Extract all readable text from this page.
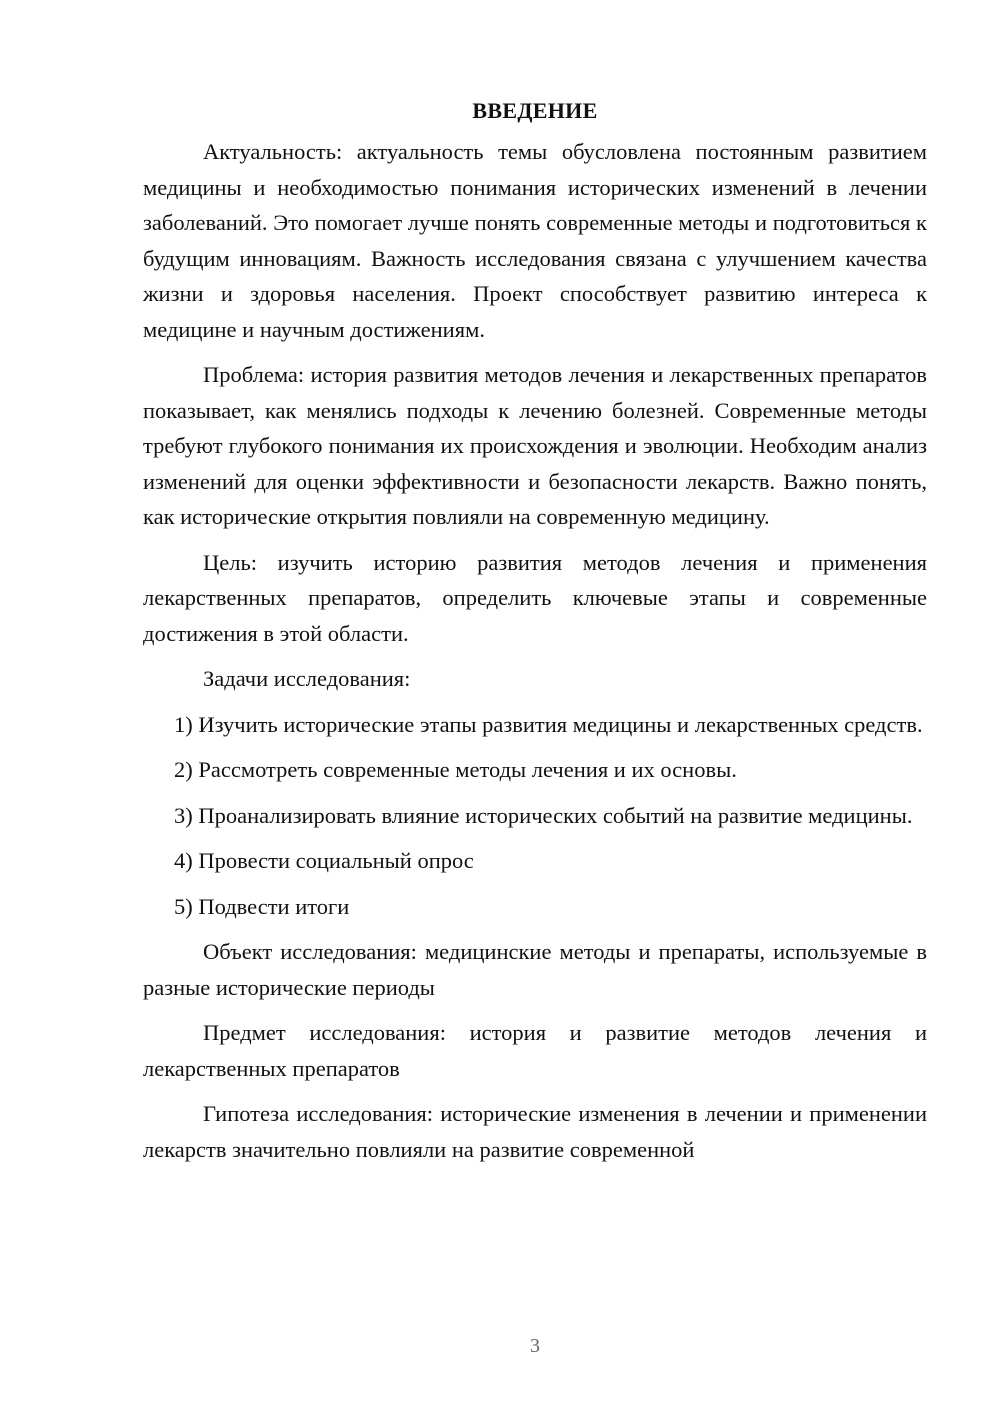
ВВЕДЕНИЕ

Актуальность: актуальность темы обусловлена постоянным развитием медицины и необходимостью понимания исторических изменений в лечении заболеваний. Это помогает лучше понять современные методы и подготовиться к будущим инновациям. Важность исследования связана с улучшением качества жизни и здоровья населения. Проект способствует развитию интереса к медицине и научным достижениям.

Проблема: история развития методов лечения и лекарственных препаратов показывает, как менялись подходы к лечению болезней. Современные методы требуют глубокого понимания их происхождения и эволюции. Необходим анализ изменений для оценки эффективности и безопасности лекарств. Важно понять, как исторические открытия повлияли на современную медицину.

Цель: изучить историю развития методов лечения и применения лекарственных препаратов, определить ключевые этапы и современные достижения в этой области.

Задачи исследования:

1) Изучить исторические этапы развития медицины и лекарственных средств.

2) Рассмотреть современные методы лечения и их основы.

3) Проанализировать влияние исторических событий на развитие медицины.

4) Провести социальный опрос

5) Подвести итоги

Объект исследования: медицинские методы и препараты, используемые в разные исторические периоды

Предмет исследования: история и развитие методов лечения и лекарственных препаратов

Гипотеза исследования: исторические изменения в лечении и применении лекарств значительно повлияли на развитие современной

3
